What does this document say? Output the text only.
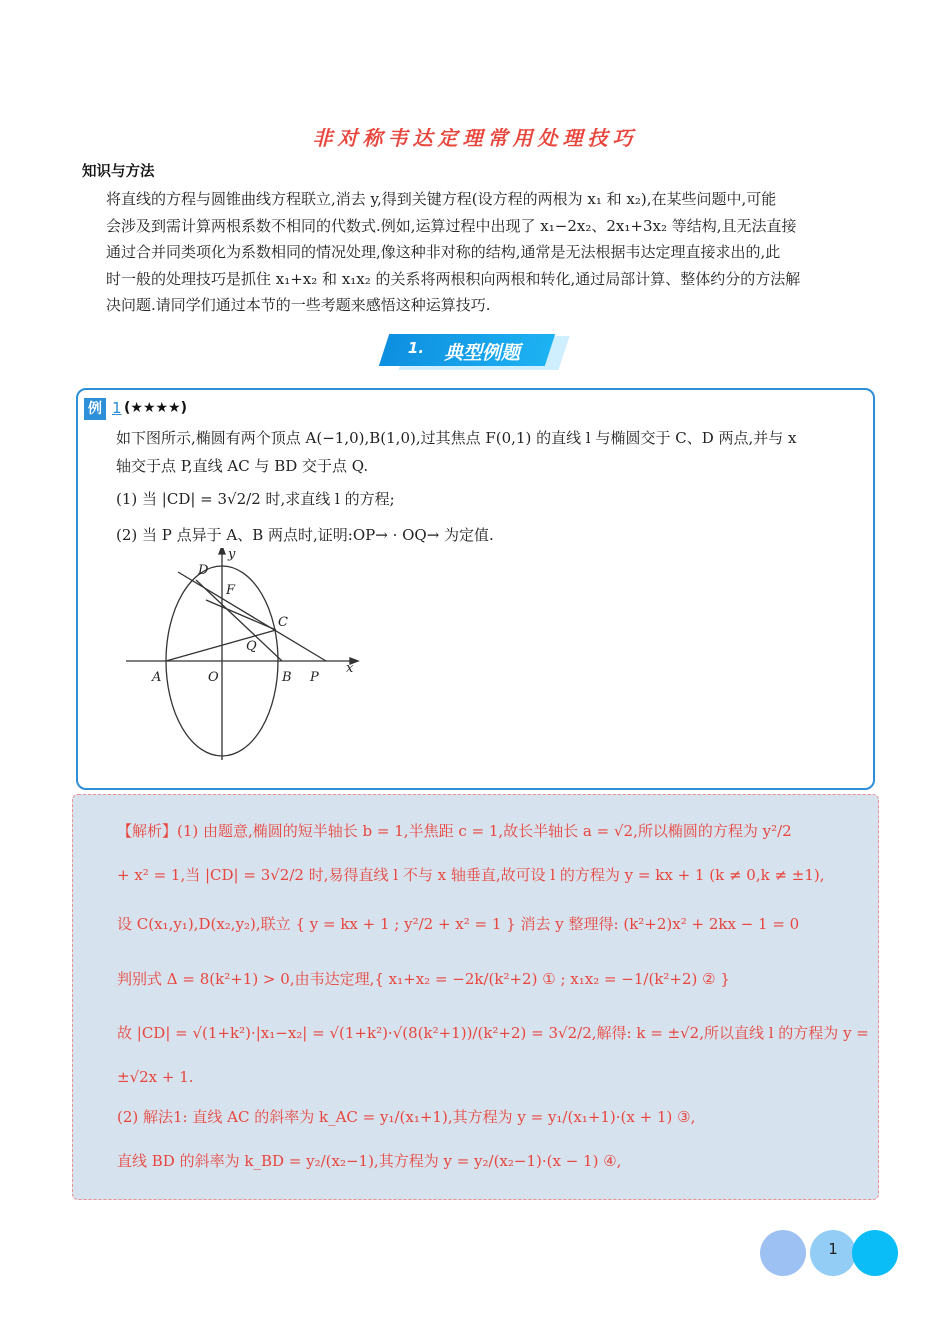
非对称韦达定理常用处理技巧
知识与方法

将直线的方程与圆锥曲线方程联立,消去 y,得到关键方程(设方程的两根为 x₁ 和 x₂),在某些问题中,可能

会涉及到需计算两根系数不相同的代数式.例如,运算过程中出现了 x₁−2x₂、2x₁+3x₂ 等结构,且无法直接

通过合并同类项化为系数相同的情况处理,像这种非对称的结构,通常是无法根据韦达定理直接求出的,此

时一般的处理技巧是抓住 x₁+x₂ 和 x₁x₂ 的关系将两根积向两根和转化,通过局部计算、整体约分的方法解

决问题.请同学们通过本节的一些考题来感悟这种运算技巧.

1.	典型例题
例 1 (★★★★)

如下图所示,椭圆有两个顶点 A(−1,0),B(1,0),过其焦点 F(0,1) 的直线 l 与椭圆交于 C、D 两点,并与 x

轴交于点 P,直线 AC 与 BD 交于点 Q.

(1) 当 |CD| = 3√2/2 时,求直线 l 的方程;

(2) 当 P 点异于 A、B 两点时,证明:OP→ · OQ→ 为定值.

D
F
C
Q
A	O	B P
x
y
【解析】(1) 由题意,椭圆的短半轴长 b = 1,半焦距 c = 1,故长半轴长 a = √2,所以椭圆的方程为 y²/2
+ x² = 1,当 |CD| = 3√2/2 时,易得直线 l 不与 x 轴垂直,故可设 l 的方程为 y = kx + 1 (k ≠ 0,k ≠ ±1),
设 C(x₁,y₁),D(x₂,y₂),联立 { y = kx + 1 ; y²/2 + x² = 1 } 消去 y 整理得: (k²+2)x² + 2kx − 1 = 0
判别式 Δ = 8(k²+1) > 0,由韦达定理,{ x₁+x₂ = −2k/(k²+2) ① ; x₁x₂ = −1/(k²+2) ② }
故 |CD| = √(1+k²)·|x₁−x₂| = √(1+k²)·√(8(k²+1))/(k²+2) = 3√2/2,解得: k = ±√2,所以直线 l 的方程为 y =
±√2x + 1.
(2) 解法1: 直线 AC 的斜率为 k_AC = y₁/(x₁+1),其方程为 y = y₁/(x₁+1)·(x + 1) ③,
直线 BD 的斜率为 k_BD = y₂/(x₂−1),其方程为 y = y₂/(x₂−1)·(x − 1) ④,
1
